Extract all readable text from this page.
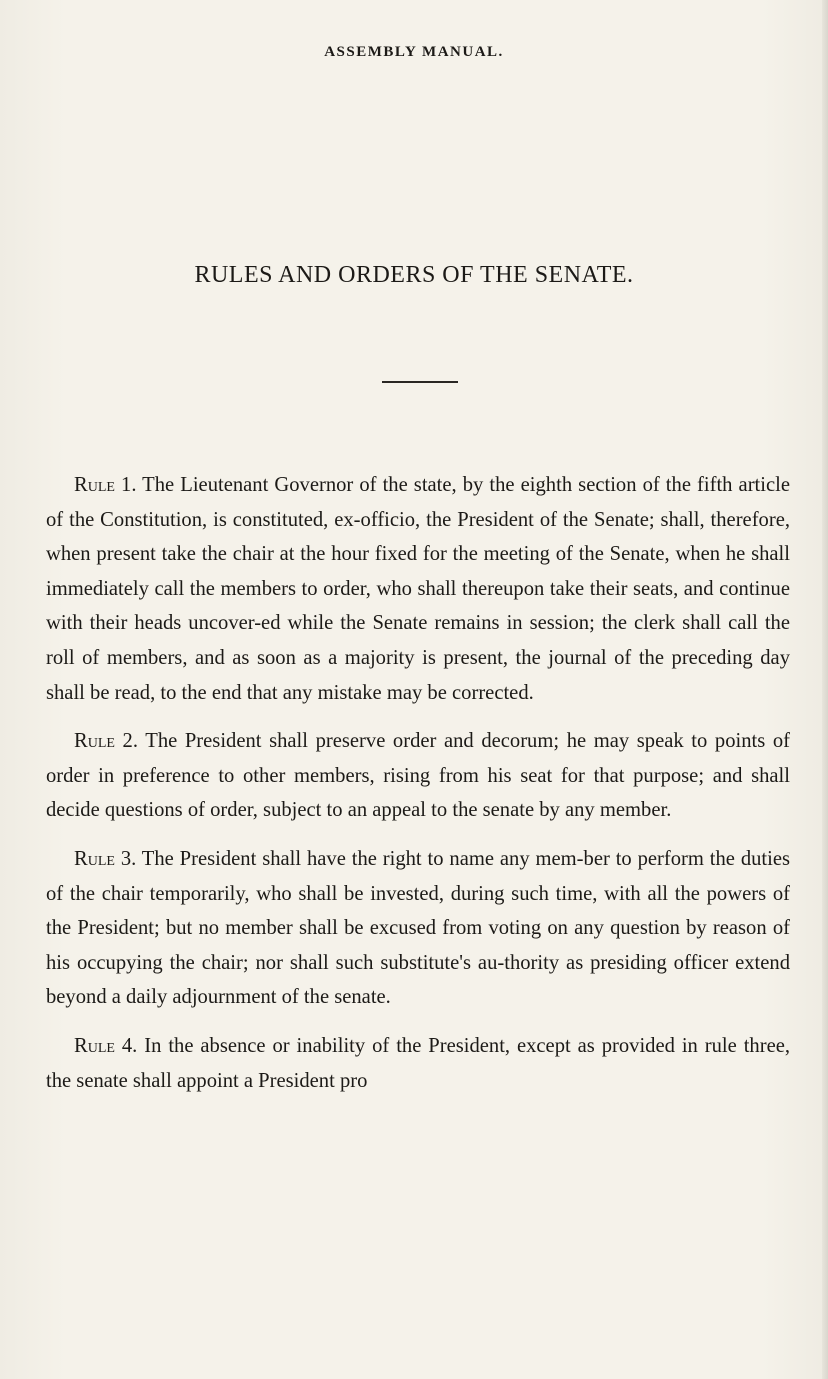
ASSEMBLY MANUAL.
RULES AND ORDERS OF THE SENATE.

Rule 1. The Lieutenant Governor of the state, by the eighth section of the fifth article of the Constitution, is constituted, ex-officio, the President of the Senate; shall, therefore, when present take the chair at the hour fixed for the meeting of the Senate, when he shall immediately call the members to order, who shall thereupon take their seats, and continue with their heads uncover-ed while the Senate remains in session; the clerk shall call the roll of members, and as soon as a majority is present, the journal of the preceding day shall be read, to the end that any mistake may be corrected.

Rule 2. The President shall preserve order and decorum; he may speak to points of order in preference to other members, rising from his seat for that purpose; and shall decide questions of order, subject to an appeal to the senate by any member.

Rule 3. The President shall have the right to name any mem-ber to perform the duties of the chair temporarily, who shall be invested, during such time, with all the powers of the President; but no member shall be excused from voting on any question by reason of his occupying the chair; nor shall such substitute's au-thority as presiding officer extend beyond a daily adjournment of the senate.

Rule 4. In the absence or inability of the President, except as provided in rule three, the senate shall appoint a President pro
